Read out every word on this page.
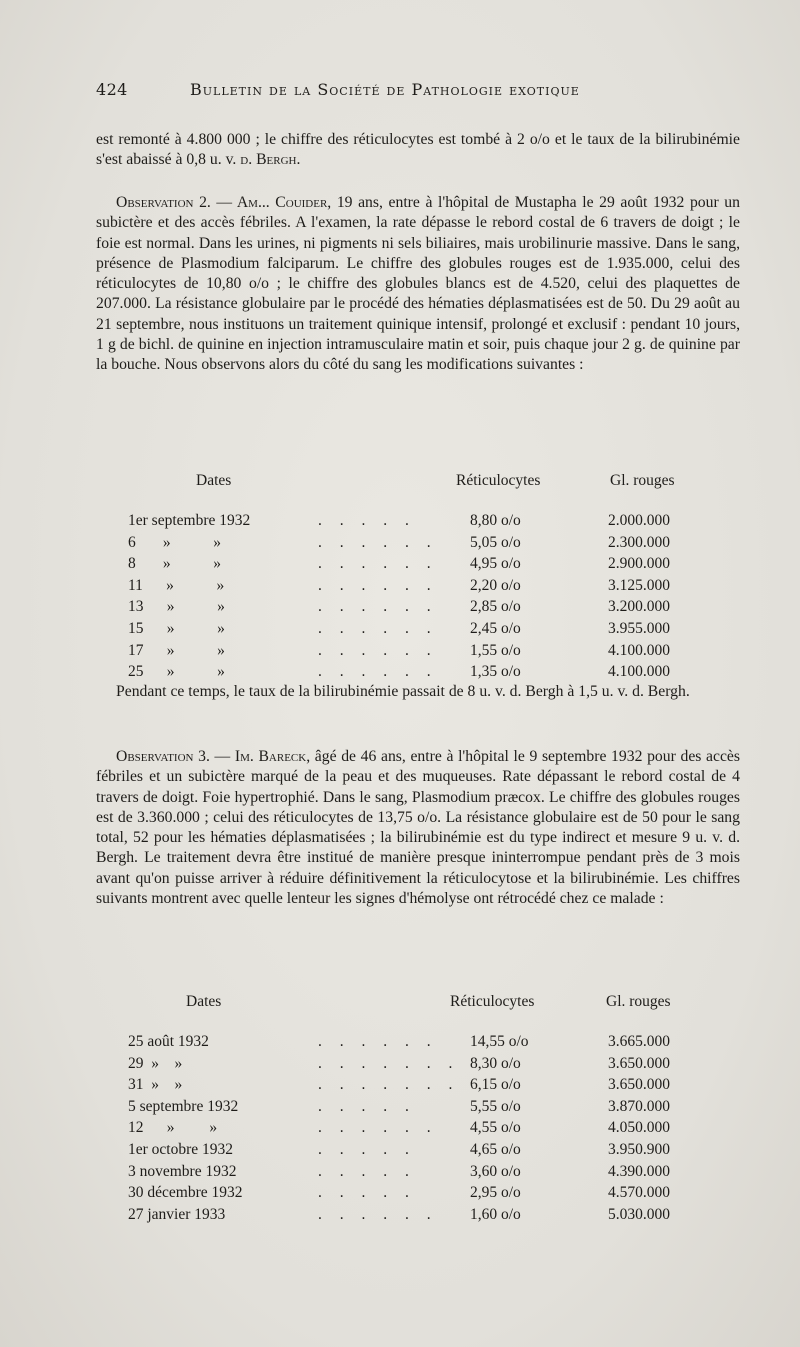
424	Bulletin de la Société de Pathologie exotique

est remonté à 4.800 000 ; le chiffre des réticulocytes est tombé à 2 o/o et le taux de la bilirubinémie s'est abaissé à 0,8 u. v. d. Bergh.

Observation 2. — Am... Couider, 19 ans, entre à l'hôpital de Mustapha le 29 août 1932 pour un subictère et des accès fébriles. A l'examen, la rate dépasse le rebord costal de 6 travers de doigt ; le foie est normal. Dans les urines, ni pigments ni sels biliaires, mais urobilinurie massive. Dans le sang, présence de Plasmodium falciparum. Le chiffre des globules rouges est de 1.935.000, celui des réticulocytes de 10,80 o/o ; le chiffre des globules blancs est de 4.520, celui des plaquettes de 207.000. La résistance globulaire par le procédé des hématies déplasmatisées est de 50. Du 29 août au 21 septembre, nous instituons un traitement quinique intensif, prolongé et exclusif : pendant 10 jours, 1 g de bichl. de quinine en injection intramusculaire matin et soir, puis chaque jour 2 g. de quinine par la bouche. Nous observons alors du côté du sang les modifications suivantes :

Dates	Réticulocytes	Gl. rouges
1er septembre 1932	. . . . .	8,80 o/o	2.000.000
6       »           »	. . . . . . 5,05 o/o	2.300.000
8       »           »	. . . . . . 4,95 o/o	2.900.000
11      »           »	. . . . . . 2,20 o/o	3.125.000
13      »           »	. . . . . . 2,85 o/o	3.200.000
15      »           »	. . . . . . 2,45 o/o	3.955.000
17      »           »	. . . . . . 1,55 o/o	4.100.000
25      »           »	. . . . . . 1,35 o/o	4.100.000

Pendant ce temps, le taux de la bilirubinémie passait de 8 u. v. d. Bergh à 1,5 u. v. d. Bergh.

Observation 3. — Im. Bareck, âgé de 46 ans, entre à l'hôpital le 9 septembre 1932 pour des accès fébriles et un subictère marqué de la peau et des muqueuses. Rate dépassant le rebord costal de 4 travers de doigt. Foie hypertrophié. Dans le sang, Plasmodium præcox. Le chiffre des globules rouges est de 3.360.000 ; celui des réticulocytes de 13,75 o/o. La résistance globulaire est de 50 pour le sang total, 52 pour les hématies déplasmatisées ; la bilirubinémie est du type indirect et mesure 9 u. v. d. Bergh. Le traitement devra être institué de manière presque ininterrompue pendant près de 3 mois avant qu'on puisse arriver à réduire définitivement la réticulocytose et la bilirubinémie. Les chiffres suivants montrent avec quelle lenteur les signes d'hémolyse ont rétrocédé chez ce malade :

Dates	Réticulocytes	Gl. rouges
25 août 1932	. . . . . . 14,55 o/o	3.665.000
29  »    »	. . . . . . . 8,30 o/o	3.650.000
31  »    »	. . . . . . . 6,15 o/o	3.650.000
5 septembre 1932	. . . . .	5,55 o/o	3.870.000
12      »         »	. . . . . . 4,55 o/o	4.050.000
1er octobre 1932	. . . . .	4,65 o/o	3.950.900
3 novembre 1932	. . . . .	3,60 o/o	4.390.000
30 décembre 1932	. . . . .	2,95 o/o	4.570.000
27 janvier 1933	. . . . . . 1,60 o/o	5.030.000
